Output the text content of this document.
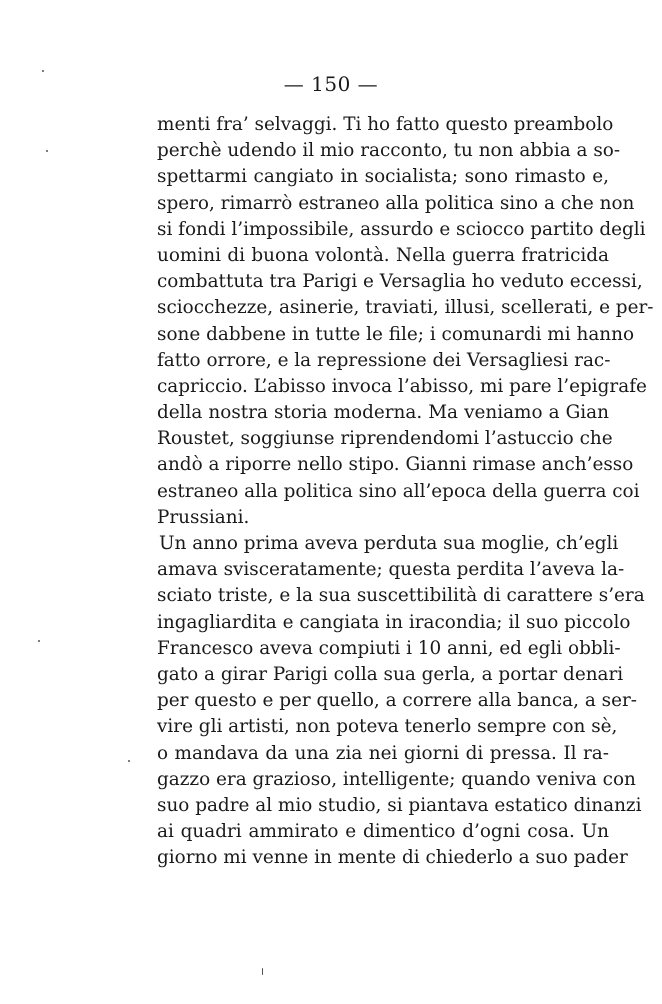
— 150 —
menti fra’ selvaggi. Ti ho fatto questo preambolo
perchè udendo il mio racconto, tu non abbia a so-
spettarmi cangiato in socialista; sono rimasto e,
spero, rimarrò estraneo alla politica sino a che non
si fondi l’impossibile, assurdo e sciocco partito degli
uomini di buona volontà. Nella guerra fratricida
combattuta tra Parigi e Versaglia ho veduto eccessi,
sciocchezze, asinerie, traviati, illusi, scellerati, e per-
sone dabbene in tutte le file; i comunardi mi hanno
fatto orrore, e la repressione dei Versagliesi rac-
capriccio. L’abisso invoca l’abisso, mi pare l’epigrafe
della nostra storia moderna. Ma veniamo a Gian
Roustet, soggiunse riprendendomi l’astuccio che
andò a riporre nello stipo. Gianni rimase anch’esso
estraneo alla politica sino all’epoca della guerra coi
Prussiani.
Un anno prima aveva perduta sua moglie, ch’egli
amava svisceratamente; questa perdita l’aveva la-
sciato triste, e la sua suscettibilità di carattere s’era
ingagliardita e cangiata in iracondia; il suo piccolo
Francesco aveva compiuti i 10 anni, ed egli obbli-
gato a girar Parigi colla sua gerla, a portar denari
per questo e per quello, a correre alla banca, a ser-
vire gli artisti, non poteva tenerlo sempre con sè,
o mandava da una zia nei giorni di pressa. Il ra-
gazzo era grazioso, intelligente; quando veniva con
suo padre al mio studio, si piantava estatico dinanzi
ai quadri ammirato e dimentico d’ogni cosa. Un
giorno mi venne in mente di chiederlo a suo pader
